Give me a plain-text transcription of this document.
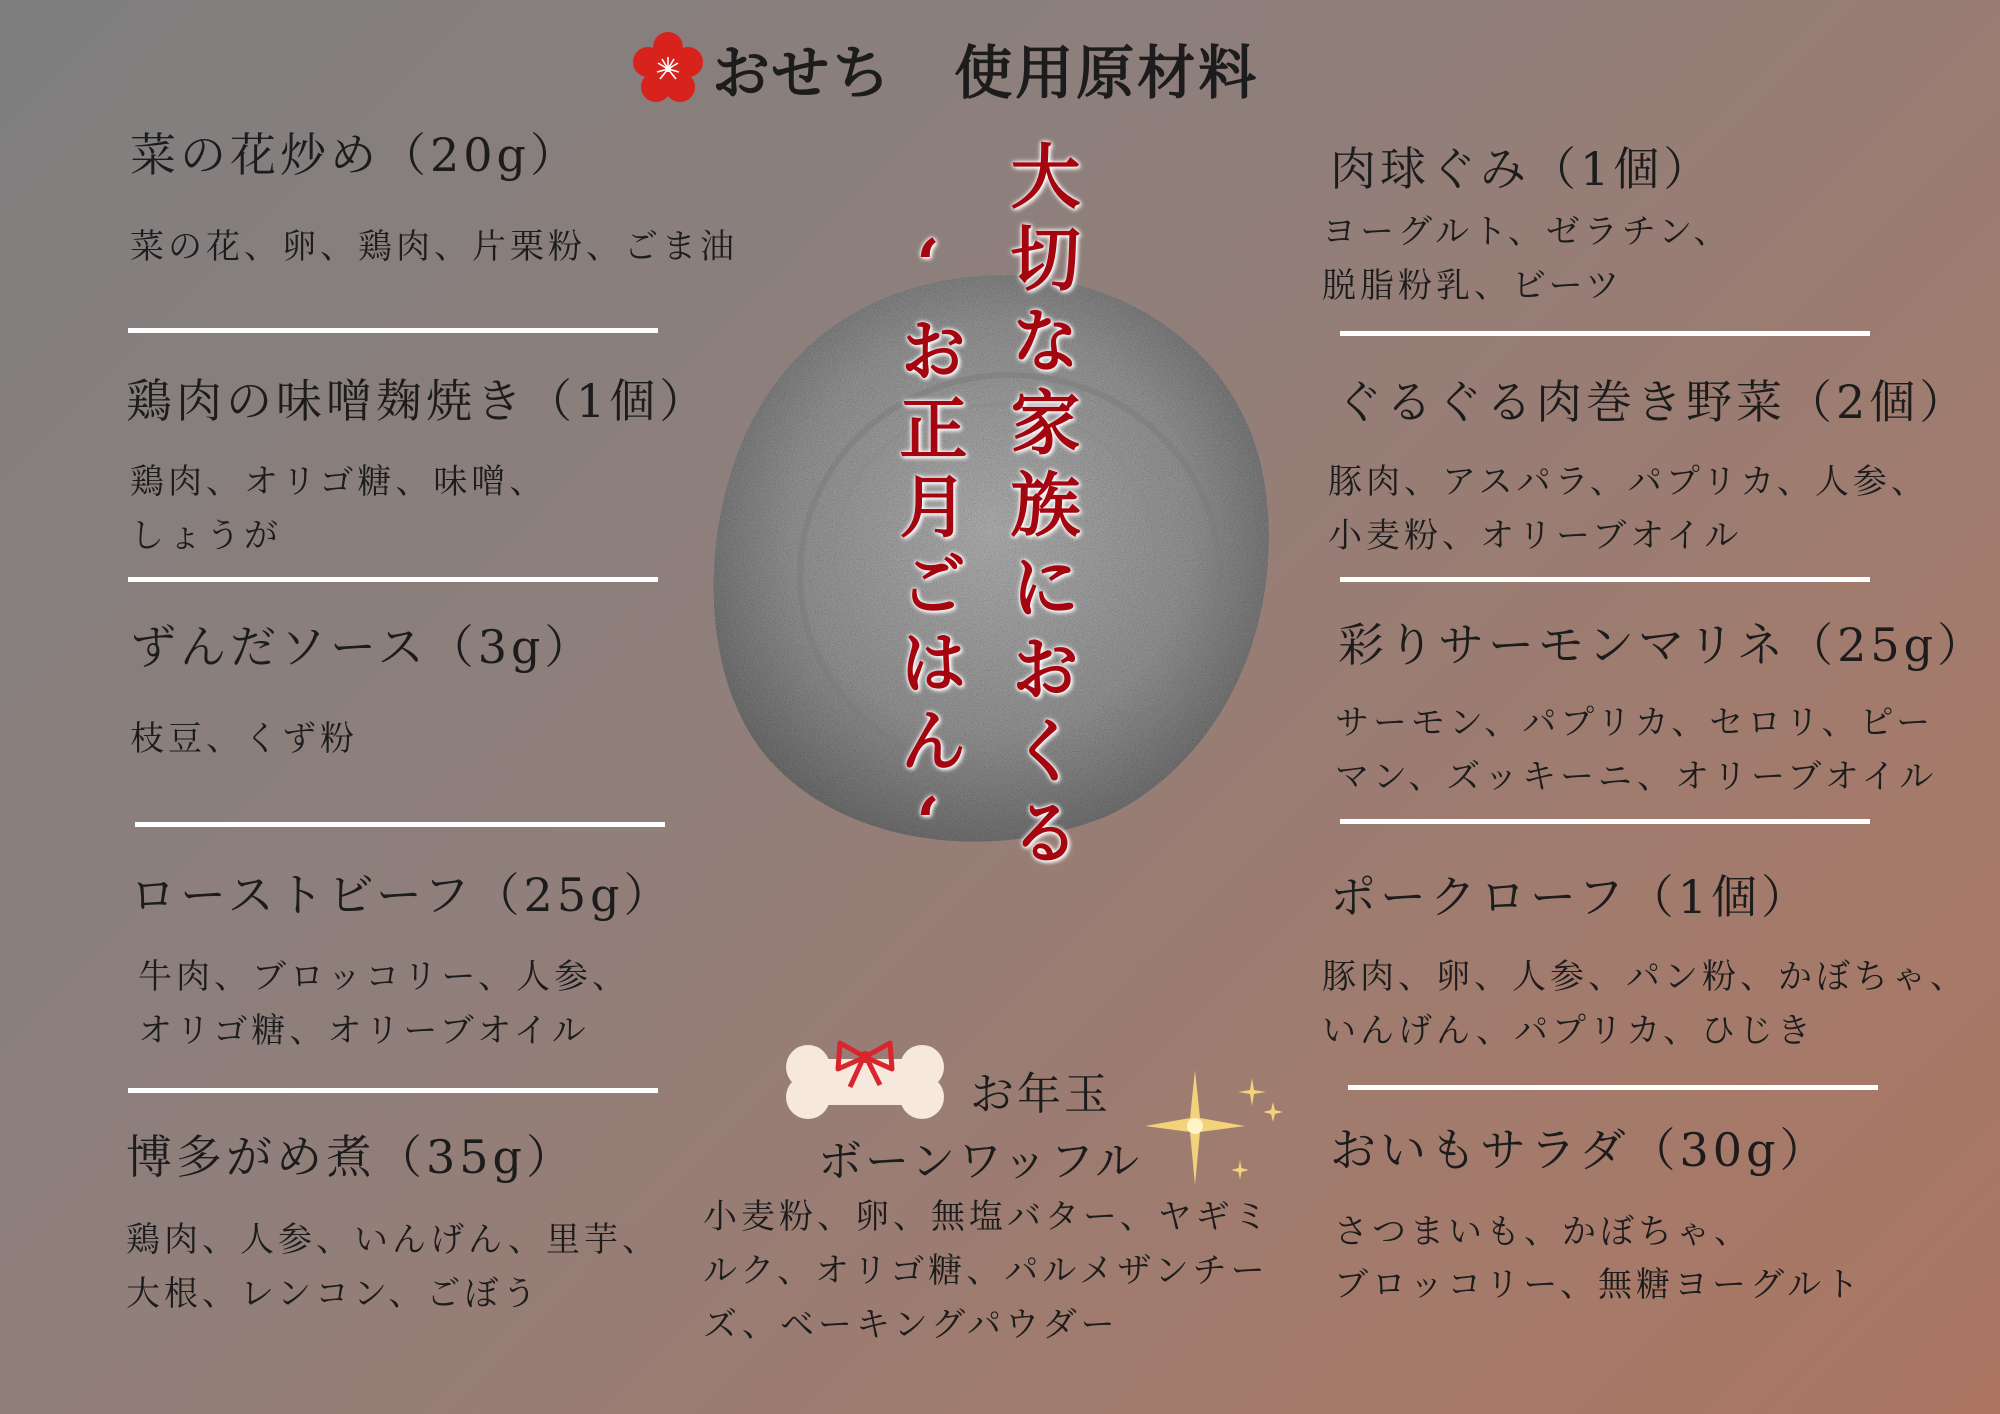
おせち　使用原材料
大切な家族におくる
ʻお正月ごはんʻ
菜の花炒め（20g）
菜の花、卵、鶏肉、片栗粉、ごま油
鶏肉の味噌麹焼き（1個）
鶏肉、オリゴ糖、味噌、
しょうが
ずんだソース（3g）
枝豆、くず粉
ローストビーフ（25g）
牛肉、ブロッコリー、人参、
オリゴ糖、オリーブオイル
博多がめ煮（35g）
鶏肉、人参、いんげん、里芋、
大根、レンコン、ごぼう
肉球ぐみ（1個）
ヨーグルト、ゼラチン、
脱脂粉乳、ビーツ
ぐるぐる肉巻き野菜（2個）
豚肉、アスパラ、パプリカ、人参、
小麦粉、オリーブオイル
彩りサーモンマリネ（25g）
サーモン、パプリカ、セロリ、ピー
マン、ズッキーニ、オリーブオイル
ポークローフ（1個）
豚肉、卵、人参、パン粉、かぼちゃ、
いんげん、パプリカ、ひじき
おいもサラダ（30g）
さつまいも、かぼちゃ、
ブロッコリー、無糖ヨーグルト
お年玉
ボーンワッフル
小麦粉、卵、無塩バター、ヤギミ
ルク、オリゴ糖、パルメザンチー
ズ、ベーキングパウダー
